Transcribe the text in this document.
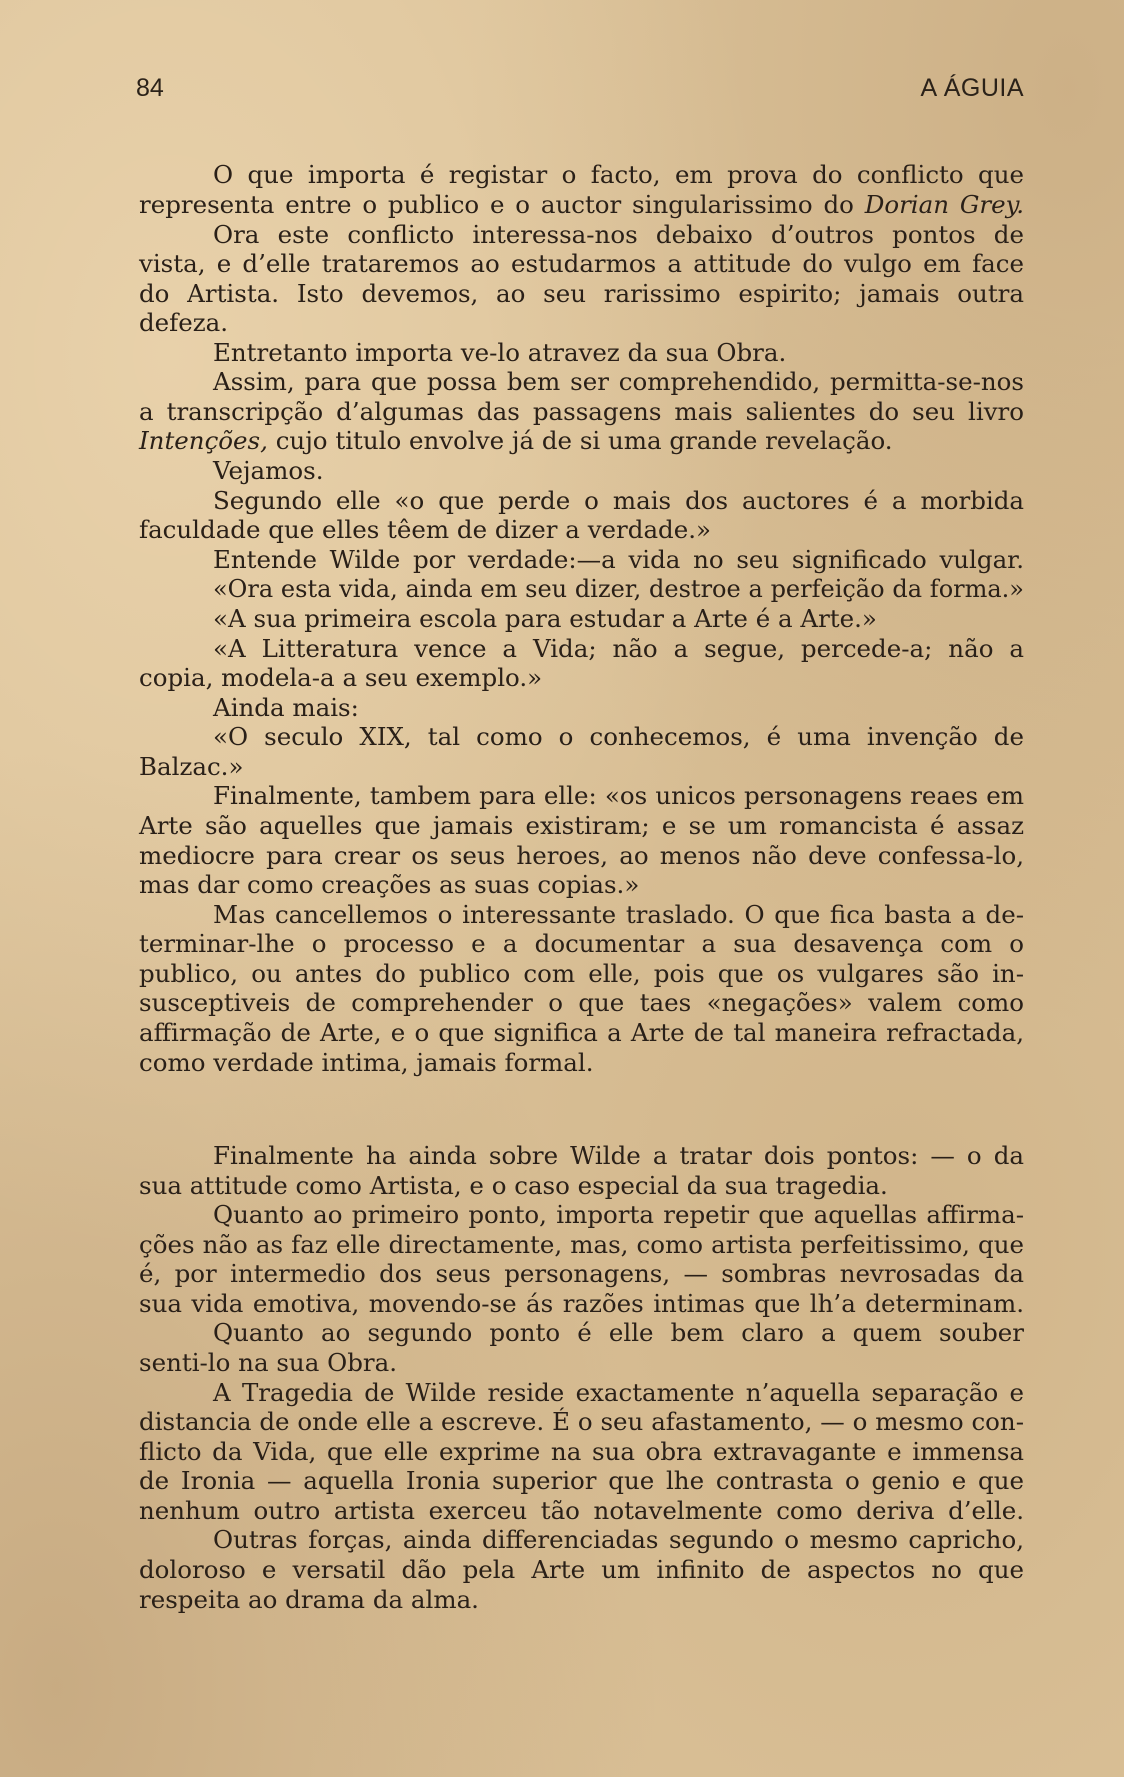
84	A ÁGUIA
O que importa é registar o facto, em prova do conflicto que
representa entre o publico e o auctor singularissimo do Dorian Grey.
Ora este conflicto interessa-nos debaixo d’outros pontos de
vista, e d’elle trataremos ao estudarmos a attitude do vulgo em face
do Artista. Isto devemos, ao seu rarissimo espirito; jamais outra
defeza.
Entretanto importa ve-lo atravez da sua Obra.
Assim, para que possa bem ser comprehendido, permitta-se-nos
a transcripção d’algumas das passagens mais salientes do seu livro
Intenções, cujo titulo envolve já de si uma grande revelação.
Vejamos.
Segundo elle «o que perde o mais dos auctores é a morbida
faculdade que elles têem de dizer a verdade.»
Entende Wilde por verdade:—a vida no seu significado vulgar.
«Ora esta vida, ainda em seu dizer, destroe a perfeição da forma.»
«A sua primeira escola para estudar a Arte é a Arte.»
«A Litteratura vence a Vida; não a segue, percede-a; não a
copia, modela-a a seu exemplo.»
Ainda mais:
«O seculo XIX, tal como o conhecemos, é uma invenção de
Balzac.»
Finalmente, tambem para elle: «os unicos personagens reaes em
Arte são aquelles que jamais existiram; e se um romancista é assaz
mediocre para crear os seus heroes, ao menos não deve confessa-lo,
mas dar como creações as suas copias.»
Mas cancellemos o interessante traslado. O que fica basta a de-
terminar-lhe o processo e a documentar a sua desavença com o
publico, ou antes do publico com elle, pois que os vulgares são in-
susceptiveis de comprehender o que taes «negações» valem como
affirmação de Arte, e o que significa a Arte de tal maneira refractada,
como verdade intima, jamais formal.
Finalmente ha ainda sobre Wilde a tratar dois pontos: — o da
sua attitude como Artista, e o caso especial da sua tragedia.
Quanto ao primeiro ponto, importa repetir que aquellas affirma-
ções não as faz elle directamente, mas, como artista perfeitissimo, que
é, por intermedio dos seus personagens, — sombras nevrosadas da
sua vida emotiva, movendo-se ás razões intimas que lh’a determinam.
Quanto ao segundo ponto é elle bem claro a quem souber
senti-lo na sua Obra.
A Tragedia de Wilde reside exactamente n’aquella separação e
distancia de onde elle a escreve. É o seu afastamento, — o mesmo con-
flicto da Vida, que elle exprime na sua obra extravagante e immensa
de Ironia — aquella Ironia superior que lhe contrasta o genio e que
nenhum outro artista exerceu tão notavelmente como deriva d’elle.
Outras forças, ainda differenciadas segundo o mesmo capricho,
doloroso e versatil dão pela Arte um infinito de aspectos no que
respeita ao drama da alma.
